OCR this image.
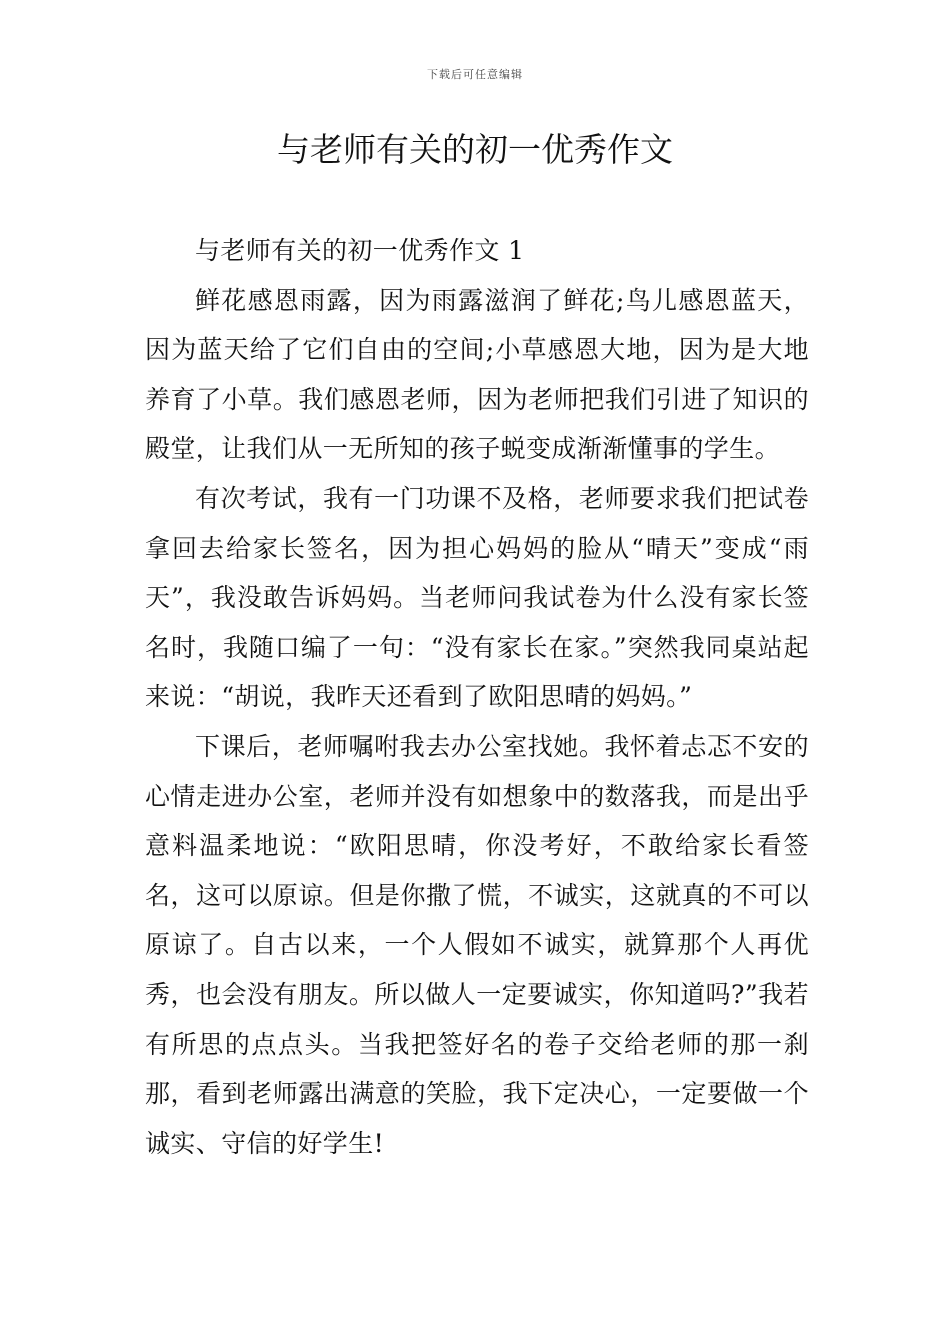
下载后可任意编辑
与老师有关的初一优秀作文

与老师有关的初一优秀作文 1

鲜花感恩雨露，因为雨露滋润了鲜花;鸟儿感恩蓝天，因为蓝天给了它们自由的空间;小草感恩大地，因为是大地养育了小草。我们感恩老师，因为老师把我们引进了知识的殿堂，让我们从一无所知的孩子蜕变成渐渐懂事的学生。

有次考试，我有一门功课不及格，老师要求我们把试卷拿回去给家长签名，因为担心妈妈的脸从“晴天”变成“雨天”，我没敢告诉妈妈。当老师问我试卷为什么没有家长签名时，我随口编了一句：“没有家长在家。”突然我同桌站起来说：“胡说，我昨天还看到了欧阳思晴的妈妈。”

下课后，老师嘱咐我去办公室找她。我怀着忐忑不安的心情走进办公室，老师并没有如想象中的数落我，而是出乎意料温柔地说：“欧阳思晴，你没考好，不敢给家长看签名，这可以原谅。但是你撒了慌，不诚实，这就真的不可以原谅了。自古以来，一个人假如不诚实，就算那个人再优秀，也会没有朋友。所以做人一定要诚实，你知道吗?”我若有所思的点点头。当我把签好名的卷子交给老师的那一刹那，看到老师露出满意的笑脸，我下定决心，一定要做一个诚实、守信的好学生!
